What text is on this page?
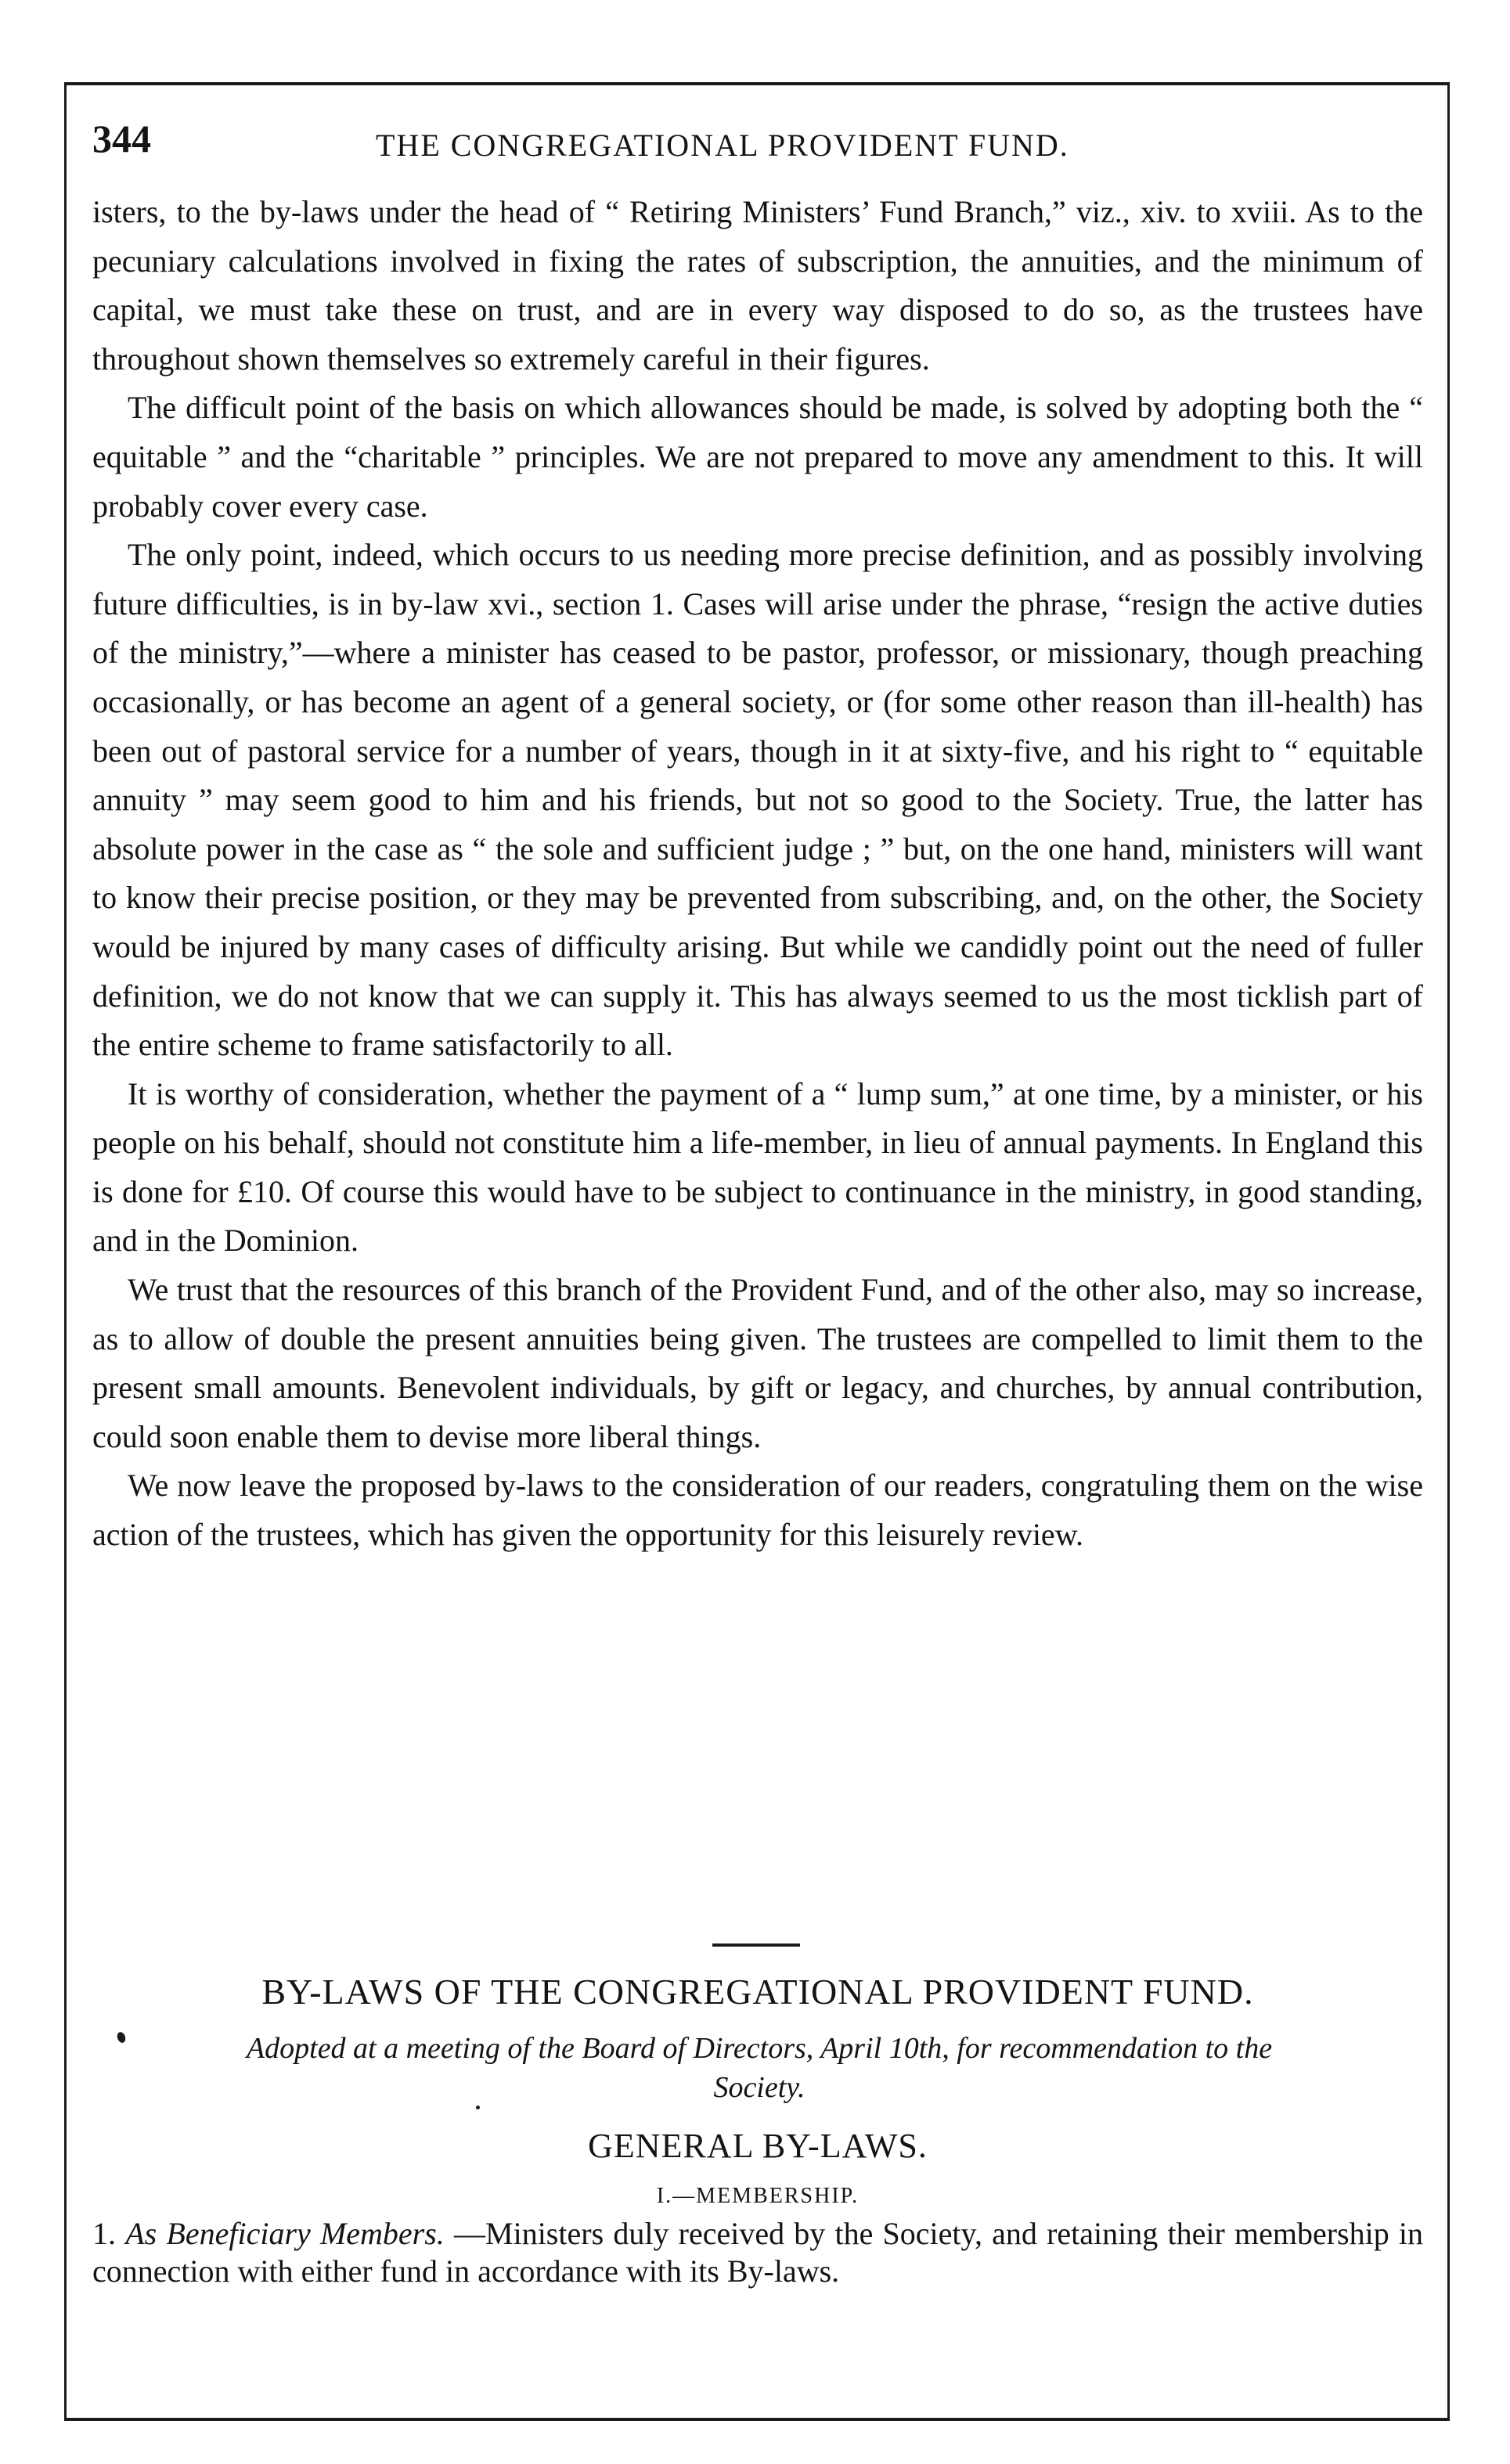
344	THE CONGREGATIONAL PROVIDENT FUND.

isters, to the by-laws under the head of “ Retiring Ministers’ Fund Branch,” viz., xiv. to xviii. As to the pecuniary calculations involved in fixing the rates of subscription, the annuities, and the minimum of capital, we must take these on trust, and are in every way disposed to do so, as the trustees have throughout shown themselves so extremely careful in their figures.

The difficult point of the basis on which allowances should be made, is solved by adopting both the “ equitable ” and the “charitable ” principles. We are not prepared to move any amendment to this. It will probably cover every case.

The only point, indeed, which occurs to us needing more precise definition, and as possibly involving future difficulties, is in by-law xvi., section 1. Cases will arise under the phrase, “resign the active duties of the ministry,”—where a minister has ceased to be pastor, professor, or missionary, though preaching occasionally, or has become an agent of a general society, or (for some other reason than ill-health) has been out of pastoral service for a number of years, though in it at sixty-five, and his right to “ equitable annuity ” may seem good to him and his friends, but not so good to the Society. True, the latter has absolute power in the case as “ the sole and sufficient judge ; ” but, on the one hand, ministers will want to know their precise position, or they may be prevented from subscribing, and, on the other, the Society would be injured by many cases of difficulty arising. But while we candidly point out the need of fuller definition, we do not know that we can supply it. This has always seemed to us the most ticklish part of the entire scheme to frame satisfactorily to all.

It is worthy of consideration, whether the payment of a “ lump sum,” at one time, by a minister, or his people on his behalf, should not constitute him a life-member, in lieu of annual payments. In England this is done for £10. Of course this would have to be subject to continuance in the ministry, in good standing, and in the Dominion.

We trust that the resources of this branch of the Provident Fund, and of the other also, may so increase, as to allow of double the present annuities being given. The trustees are compelled to limit them to the present small amounts. Benevolent individuals, by gift or legacy, and churches, by annual contribution, could soon enable them to devise more liberal things.

We now leave the proposed by-laws to the consideration of our readers, congratuling them on the wise action of the trustees, which has given the opportunity for this leisurely review.

BY-LAWS OF THE CONGREGATIONAL PROVIDENT FUND.
Adopted at a meeting of the Board of Directors, April 10th, for recommendation to the Society.
GENERAL BY-LAWS.
I.—MEMBERSHIP.
1. As Beneficiary Members. —Ministers duly received by the Society, and retaining their membership in connection with either fund in accordance with its By-laws.
